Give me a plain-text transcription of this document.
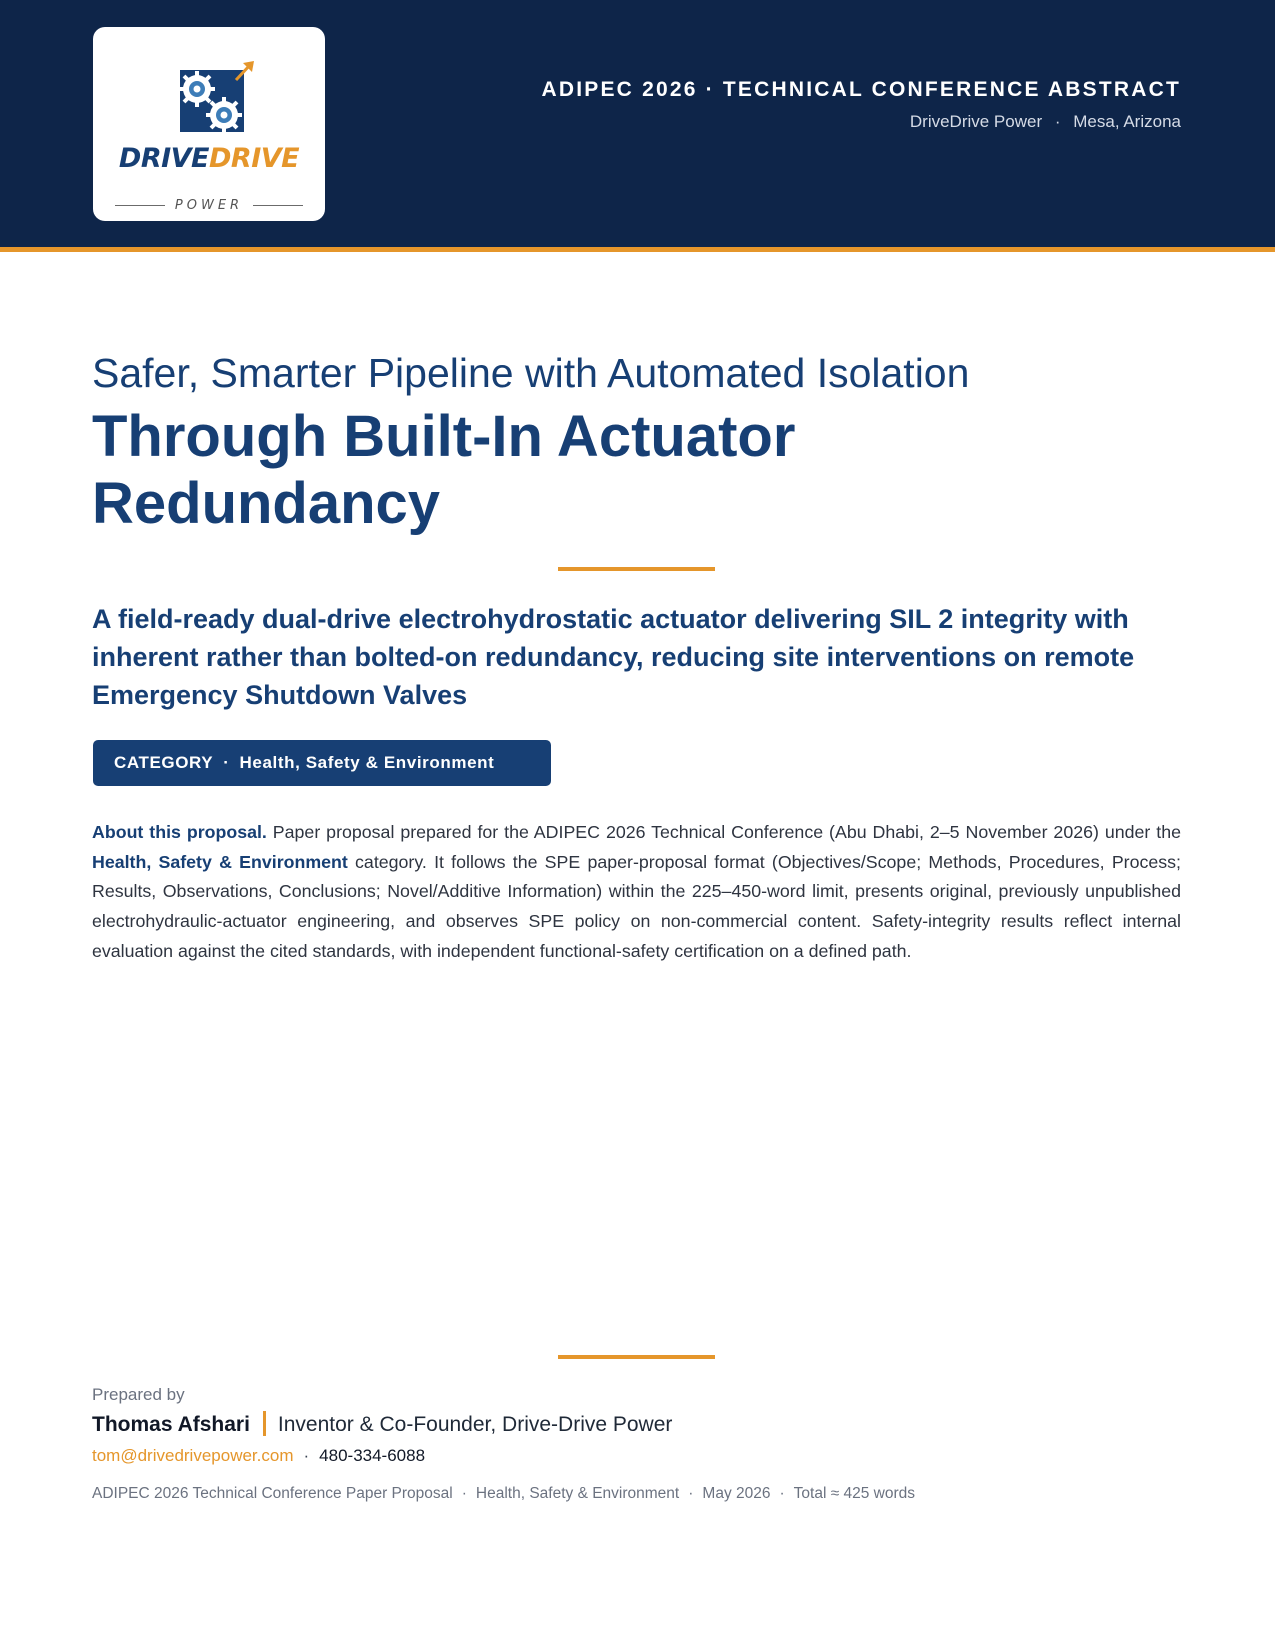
DRIVEDRIVE
POWER
ADIPEC 2026 · TECHNICAL CONFERENCE ABSTRACT
DriveDrive Power · Mesa, Arizona
Safer, Smarter Pipeline with Automated Isolation
Through Built-In Actuator Redundancy
A field-ready dual-drive electrohydrostatic actuator delivering SIL 2 integrity with inherent rather than bolted-on redundancy, reducing site interventions on remote Emergency Shutdown Valves
CATEGORY · Health, Safety & Environment
About this proposal. Paper proposal prepared for the ADIPEC 2026 Technical Conference (Abu Dhabi, 2–5 November 2026) under the Health, Safety & Environment category. It follows the SPE paper-proposal format (Objectives/Scope; Methods, Procedures, Process; Results, Observations, Conclusions; Novel/Additive Information) within the 225–450-word limit, presents original, previously unpublished electrohydraulic-actuator engineering, and observes SPE policy on non-commercial content. Safety-integrity results reflect internal evaluation against the cited standards, with independent functional-safety certification on a defined path.
Prepared by
Thomas Afshari Inventor & Co-Founder, Drive-Drive Power
tom@drivedrivepower.com · 480-334-6088
ADIPEC 2026 Technical Conference Paper Proposal · Health, Safety & Environment · May 2026 · Total ≈ 425 words
